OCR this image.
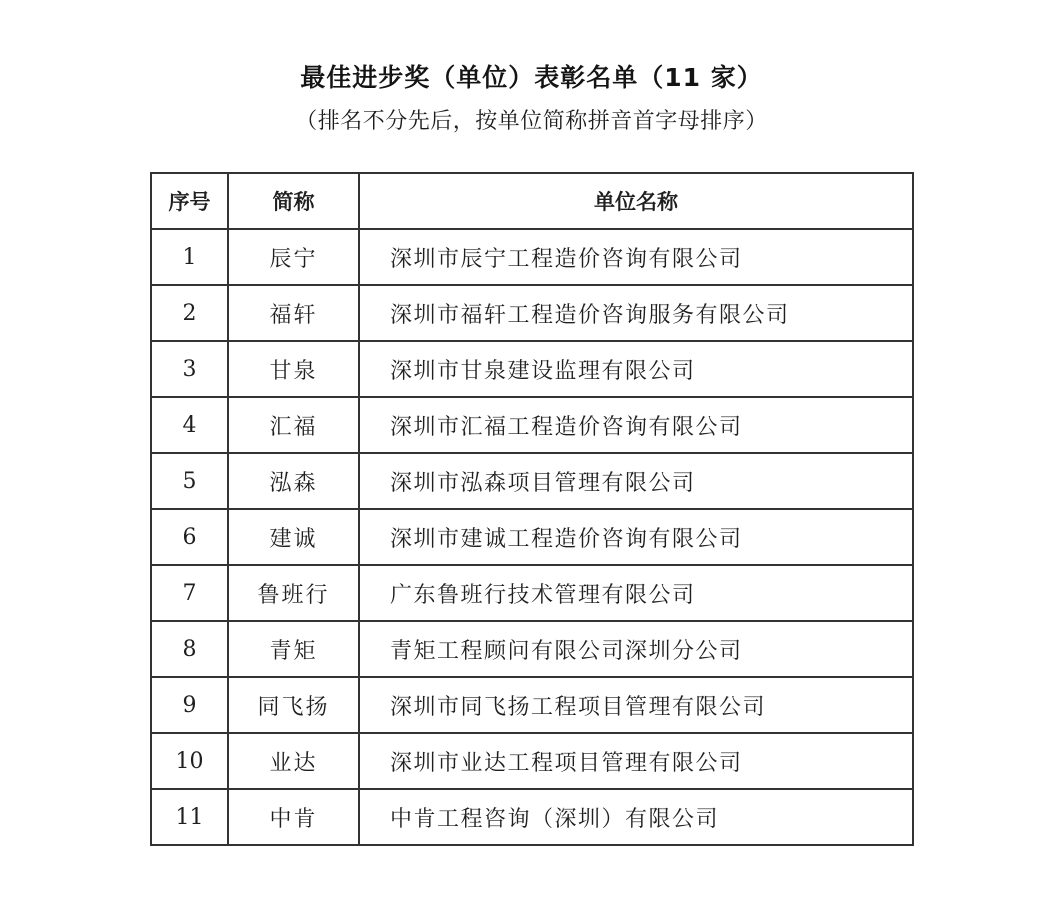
最佳进步奖（单位）表彰名单（11 家）
（排名不分先后，按单位简称拼音首字母排序）
序号	简称	单位名称
1	辰宁	深圳市辰宁工程造价咨询有限公司
2	福轩	深圳市福轩工程造价咨询服务有限公司
3	甘泉	深圳市甘泉建设监理有限公司
4	汇福	深圳市汇福工程造价咨询有限公司
5	泓森	深圳市泓森项目管理有限公司
6	建诚	深圳市建诚工程造价咨询有限公司
7	鲁班行	广东鲁班行技术管理有限公司
8	青矩	青矩工程顾问有限公司深圳分公司
9	同飞扬	深圳市同飞扬工程项目管理有限公司
10	业达	深圳市业达工程项目管理有限公司
11	中肯	中肯工程咨询（深圳）有限公司
